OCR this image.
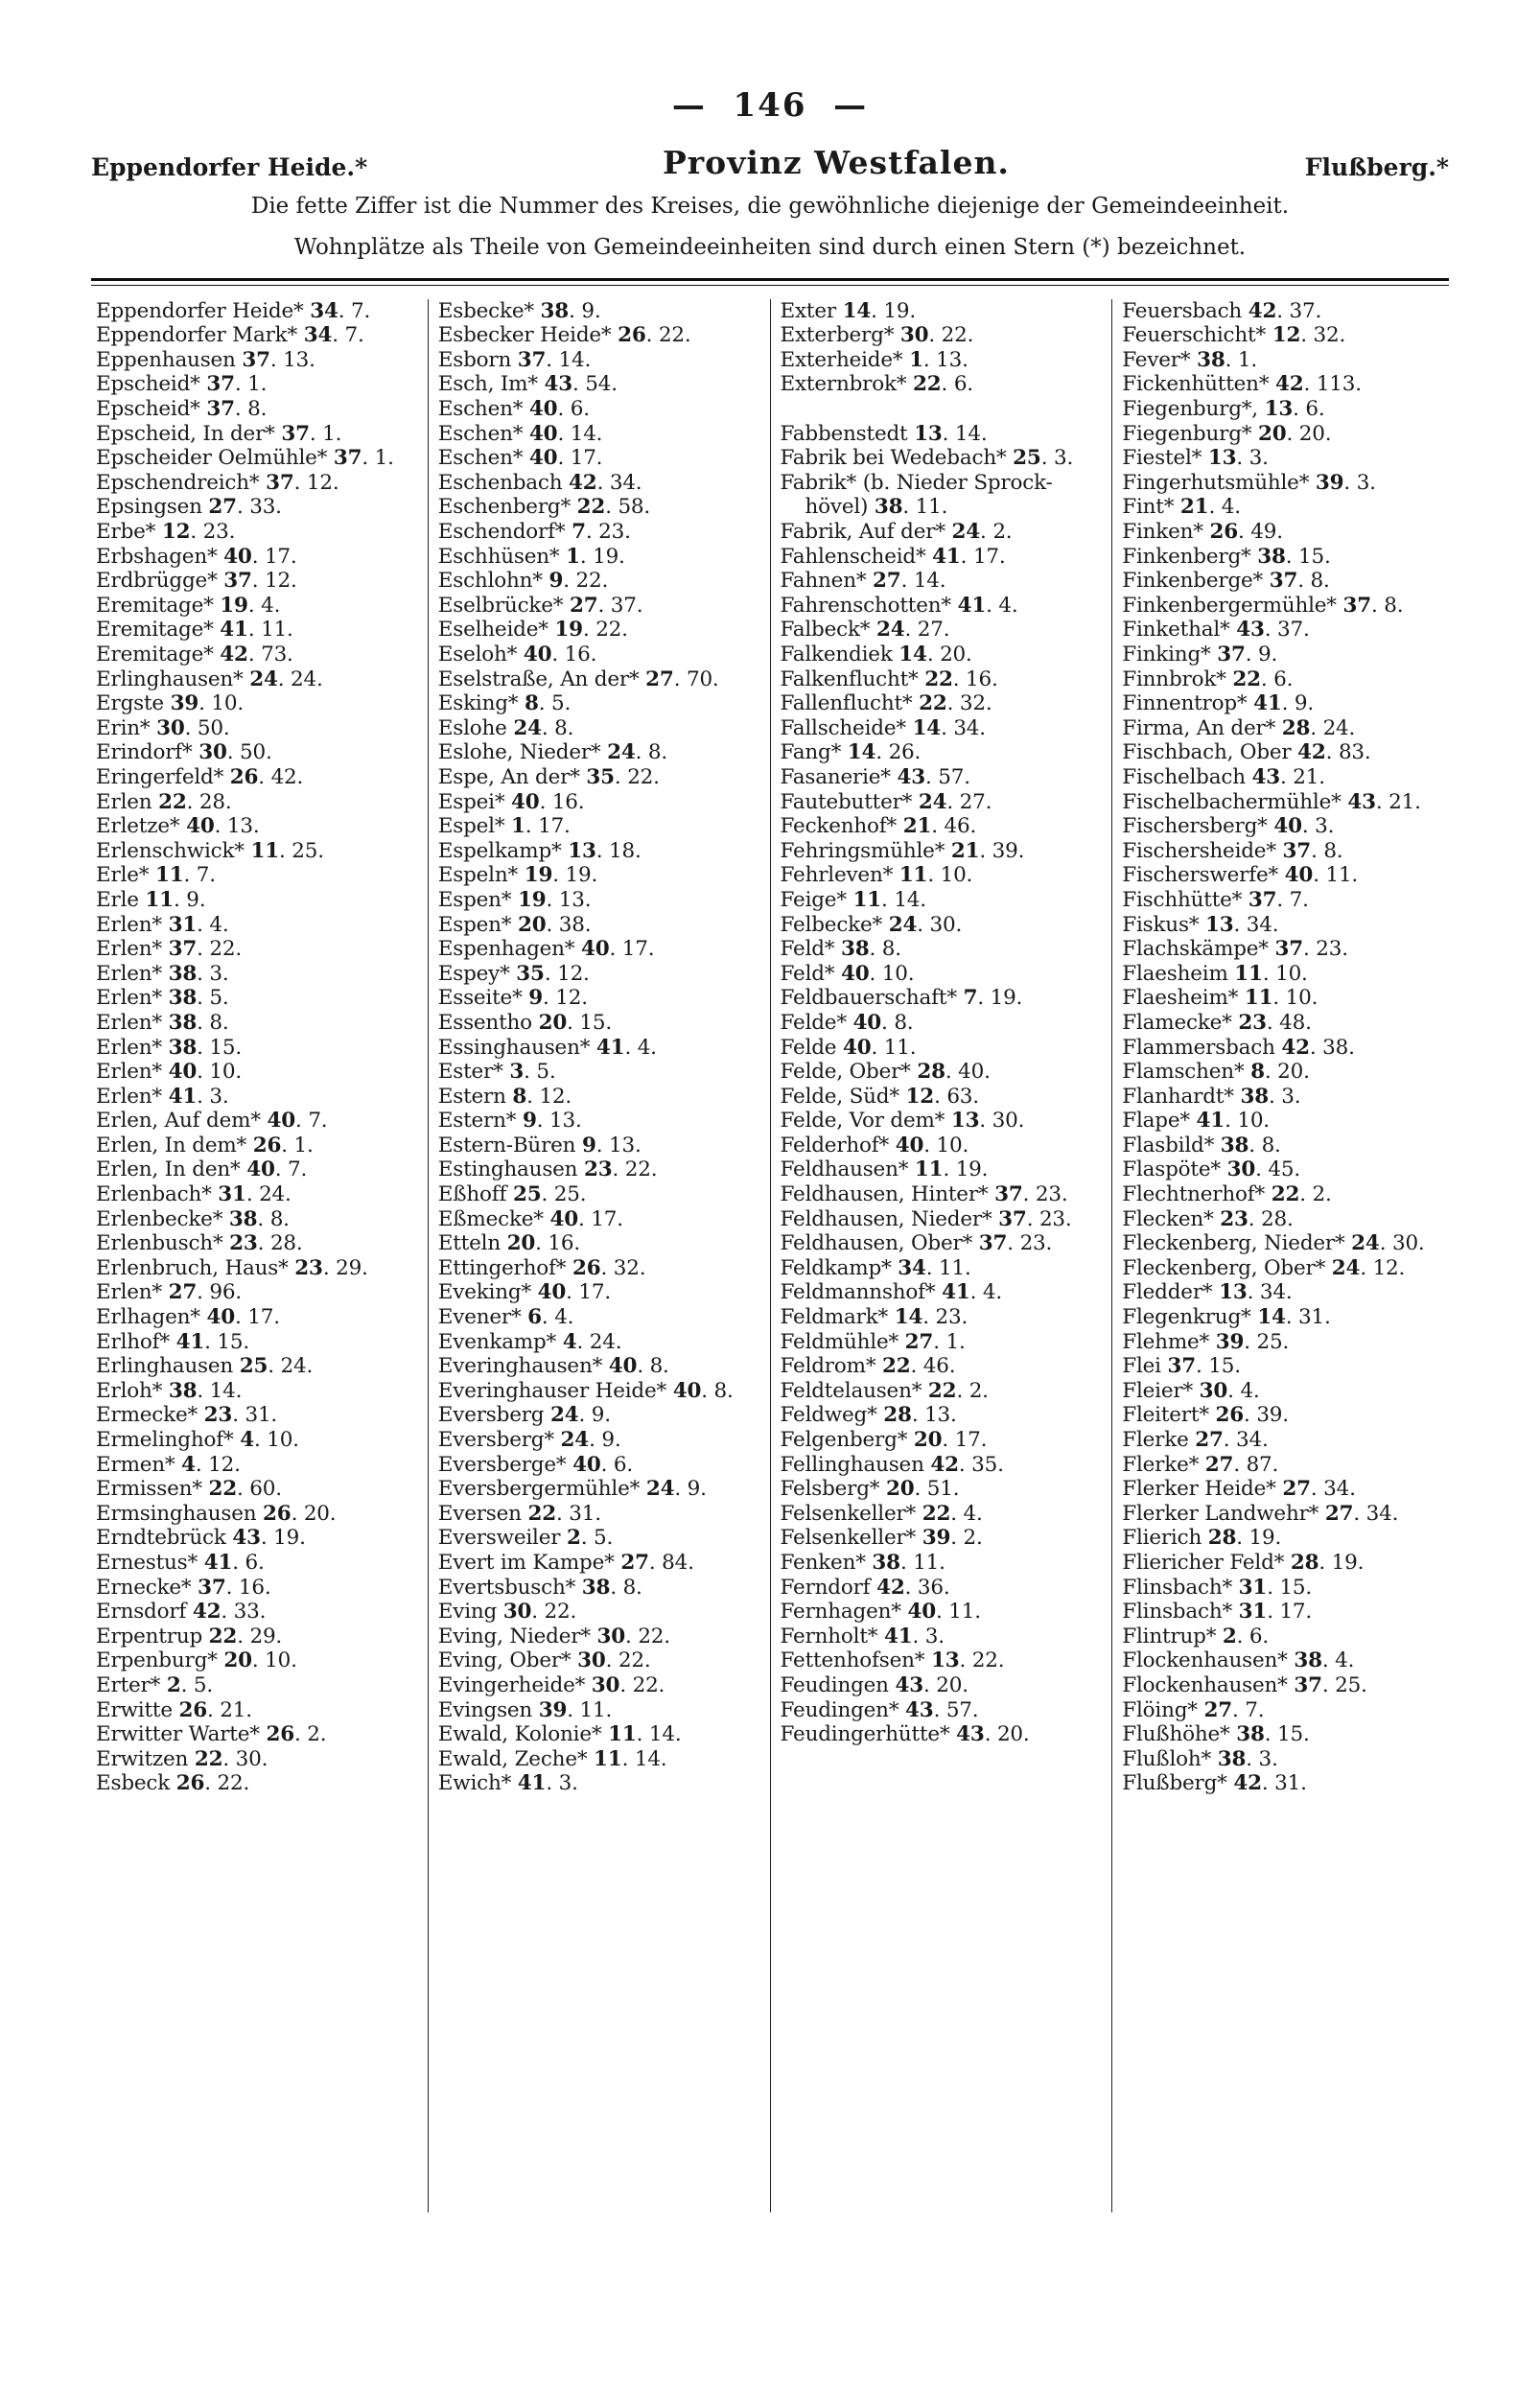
—  146  —
Eppendorfer Heide.*	Provinz Westfalen.	Flußberg.*
Die fette Ziffer ist die Nummer des Kreises, die gewöhnliche diejenige der Gemeindeeinheit.
Wohnplätze als Theile von Gemeindeeinheiten sind durch einen Stern (*) bezeichnet.
Eppendorfer Heide* 34. 7.
Eppendorfer Mark* 34. 7.
Eppenhausen 37. 13.
Epscheid* 37. 1.
Epscheid* 37. 8.
Epscheid, In der* 37. 1.
Epscheider Oelmühle* 37. 1.
Epschendreich* 37. 12.
Epsingsen 27. 33.
Erbe* 12. 23.
Erbshagen* 40. 17.
Erdbrügge* 37. 12.
Eremitage* 19. 4.
Eremitage* 41. 11.
Eremitage* 42. 73.
Erlinghausen* 24. 24.
Ergste 39. 10.
Erin* 30. 50.
Erindorf* 30. 50.
Eringerfeld* 26. 42.
Erlen 22. 28.
Erletze* 40. 13.
Erlenschwick* 11. 25.
Erle* 11. 7.
Erle 11. 9.
Erlen* 31. 4.
Erlen* 37. 22.
Erlen* 38. 3.
Erlen* 38. 5.
Erlen* 38. 8.
Erlen* 38. 15.
Erlen* 40. 10.
Erlen* 41. 3.
Erlen, Auf dem* 40. 7.
Erlen, In dem* 26. 1.
Erlen, In den* 40. 7.
Erlenbach* 31. 24.
Erlenbecke* 38. 8.
Erlenbusch* 23. 28.
Erlenbruch, Haus* 23. 29.
Erlen* 27. 96.
Erlhagen* 40. 17.
Erlhof* 41. 15.
Erlinghausen 25. 24.
Erloh* 38. 14.
Ermecke* 23. 31.
Ermelinghof* 4. 10.
Ermen* 4. 12.
Ermissen* 22. 60.
Ermsinghausen 26. 20.
Erndtebrück 43. 19.
Ernestus* 41. 6.
Ernecke* 37. 16.
Ernsdorf 42. 33.
Erpentrup 22. 29.
Erpenburg* 20. 10.
Erter* 2. 5.
Erwitte 26. 21.
Erwitter Warte* 26. 2.
Erwitzen 22. 30.
Esbeck 26. 22.
Esbecke* 38. 9.
Esbecker Heide* 26. 22.
Esborn 37. 14.
Esch, Im* 43. 54.
Eschen* 40. 6.
Eschen* 40. 14.
Eschen* 40. 17.
Eschenbach 42. 34.
Eschenberg* 22. 58.
Eschendorf* 7. 23.
Eschhüsen* 1. 19.
Eschlohn* 9. 22.
Eselbrücke* 27. 37.
Eselheide* 19. 22.
Eseloh* 40. 16.
Eselstraße, An der* 27. 70.
Esking* 8. 5.
Eslohe 24. 8.
Eslohe, Nieder* 24. 8.
Espe, An der* 35. 22.
Espei* 40. 16.
Espel* 1. 17.
Espelkamp* 13. 18.
Espeln* 19. 19.
Espen* 19. 13.
Espen* 20. 38.
Espenhagen* 40. 17.
Espey* 35. 12.
Esseite* 9. 12.
Essentho 20. 15.
Essinghausen* 41. 4.
Ester* 3. 5.
Estern 8. 12.
Estern* 9. 13.
Estern-Büren 9. 13.
Estinghausen 23. 22.
Eßhoff 25. 25.
Eßmecke* 40. 17.
Etteln 20. 16.
Ettingerhof* 26. 32.
Eveking* 40. 17.
Evener* 6. 4.
Evenkamp* 4. 24.
Everinghausen* 40. 8.
Everinghauser Heide* 40. 8.
Eversberg 24. 9.
Eversberg* 24. 9.
Eversberge* 40. 6.
Eversbergermühle* 24. 9.
Eversen 22. 31.
Eversweiler 2. 5.
Evert im Kampe* 27. 84.
Evertsbusch* 38. 8.
Eving 30. 22.
Eving, Nieder* 30. 22.
Eving, Ober* 30. 22.
Evingerheide* 30. 22.
Evingsen 39. 11.
Ewald, Kolonie* 11. 14.
Ewald, Zeche* 11. 14.
Ewich* 41. 3.
Exter 14. 19.
Exterberg* 30. 22.
Exterheide* 1. 13.
Externbrok* 22. 6.

Fabbenstedt 13. 14.
Fabrik bei Wedebach* 25. 3.
Fabrik* (b. Nieder Sprock-
hövel) 38. 11.
Fabrik, Auf der* 24. 2.
Fahlenscheid* 41. 17.
Fahnen* 27. 14.
Fahrenschotten* 41. 4.
Falbeck* 24. 27.
Falkendiek 14. 20.
Falkenflucht* 22. 16.
Fallenflucht* 22. 32.
Fallscheide* 14. 34.
Fang* 14. 26.
Fasanerie* 43. 57.
Fautebutter* 24. 27.
Feckenhof* 21. 46.
Fehringsmühle* 21. 39.
Fehrleven* 11. 10.
Feige* 11. 14.
Felbecke* 24. 30.
Feld* 38. 8.
Feld* 40. 10.
Feldbauerschaft* 7. 19.
Felde* 40. 8.
Felde 40. 11.
Felde, Ober* 28. 40.
Felde, Süd* 12. 63.
Felde, Vor dem* 13. 30.
Felderhof* 40. 10.
Feldhausen* 11. 19.
Feldhausen, Hinter* 37. 23.
Feldhausen, Nieder* 37. 23.
Feldhausen, Ober* 37. 23.
Feldkamp* 34. 11.
Feldmannshof* 41. 4.
Feldmark* 14. 23.
Feldmühle* 27. 1.
Feldrom* 22. 46.
Feldtelausen* 22. 2.
Feldweg* 28. 13.
Felgenberg* 20. 17.
Fellinghausen 42. 35.
Felsberg* 20. 51.
Felsenkeller* 22. 4.
Felsenkeller* 39. 2.
Fenken* 38. 11.
Ferndorf 42. 36.
Fernhagen* 40. 11.
Fernholt* 41. 3.
Fettenhofsen* 13. 22.
Feudingen 43. 20.
Feudingen* 43. 57.
Feudingerhütte* 43. 20.
Feuersbach 42. 37.
Feuerschicht* 12. 32.
Fever* 38. 1.
Fickenhütten* 42. 113.
Fiegenburg*, 13. 6.
Fiegenburg* 20. 20.
Fiestel* 13. 3.
Fingerhutsmühle* 39. 3.
Fint* 21. 4.
Finken* 26. 49.
Finkenberg* 38. 15.
Finkenberge* 37. 8.
Finkenbergermühle* 37. 8.
Finkethal* 43. 37.
Finking* 37. 9.
Finnbrok* 22. 6.
Finnentrop* 41. 9.
Firma, An der* 28. 24.
Fischbach, Ober 42. 83.
Fischelbach 43. 21.
Fischelbachermühle* 43. 21.
Fischersberg* 40. 3.
Fischersheide* 37. 8.
Fischerswerfe* 40. 11.
Fischhütte* 37. 7.
Fiskus* 13. 34.
Flachskämpe* 37. 23.
Flaesheim 11. 10.
Flaesheim* 11. 10.
Flamecke* 23. 48.
Flammersbach 42. 38.
Flamschen* 8. 20.
Flanhardt* 38. 3.
Flape* 41. 10.
Flasbild* 38. 8.
Flaspöte* 30. 45.
Flechtnerhof* 22. 2.
Flecken* 23. 28.
Fleckenberg, Nieder* 24. 30.
Fleckenberg, Ober* 24. 12.
Fledder* 13. 34.
Flegenkrug* 14. 31.
Flehme* 39. 25.
Flei 37. 15.
Fleier* 30. 4.
Fleitert* 26. 39.
Flerke 27. 34.
Flerke* 27. 87.
Flerker Heide* 27. 34.
Flerker Landwehr* 27. 34.
Flierich 28. 19.
Fliericher Feld* 28. 19.
Flinsbach* 31. 15.
Flinsbach* 31. 17.
Flintrup* 2. 6.
Flockenhausen* 38. 4.
Flockenhausen* 37. 25.
Flöing* 27. 7.
Flußhöhe* 38. 15.
Flußloh* 38. 3.
Flußberg* 42. 31.
